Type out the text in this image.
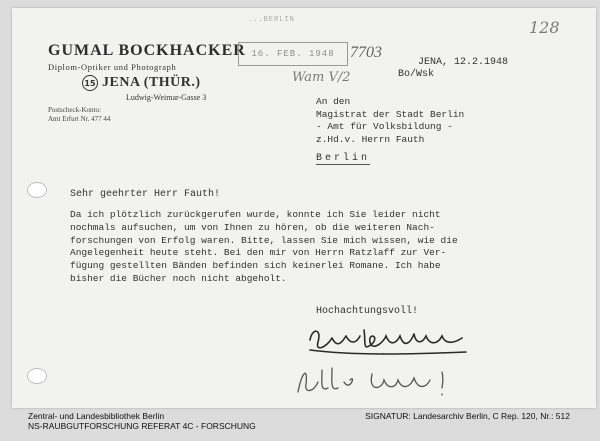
GUMAL BOCKHACKER
Diplom-Optiker und Photograph
15 JENA (THÜR.)
Ludwig-Weimar-Gasse 3
Postscheck-Konto:
Amt Erfurt Nr. 477 44
...BERLIN
16. FEB. 1948 7703
Wam V/2
128
JENA, 12.2.1948
Bo/Wsk
An den
Magistrat der Stadt Berlin
- Amt für Volksbildung -
z.Hd.v. Herrn Fauth
Berlin
Sehr geehrter Herr Fauth!
Da ich plötzlich zurückgerufen wurde, konnte ich Sie leider nicht
nochmals aufsuchen, um von Ihnen zu hören, ob die weiteren Nach-
forschungen von Erfolg waren. Bitte, lassen Sie mich wissen, wie die
Angelegenheit heute steht. Bei den mir von Herrn Ratzlaff zur Ver-
fügung gestellten Bänden befinden sich keinerlei Romane. Ich habe
bisher die Bücher noch nicht abgeholt.
Hochachtungsvoll!
Zentral- und Landesbibliothek Berlin
NS-RAUBGUTFORSCHUNG REFERAT 4C - FORSCHUNG
SIGNATUR: Landesarchiv Berlin, C Rep. 120, Nr.: 512
